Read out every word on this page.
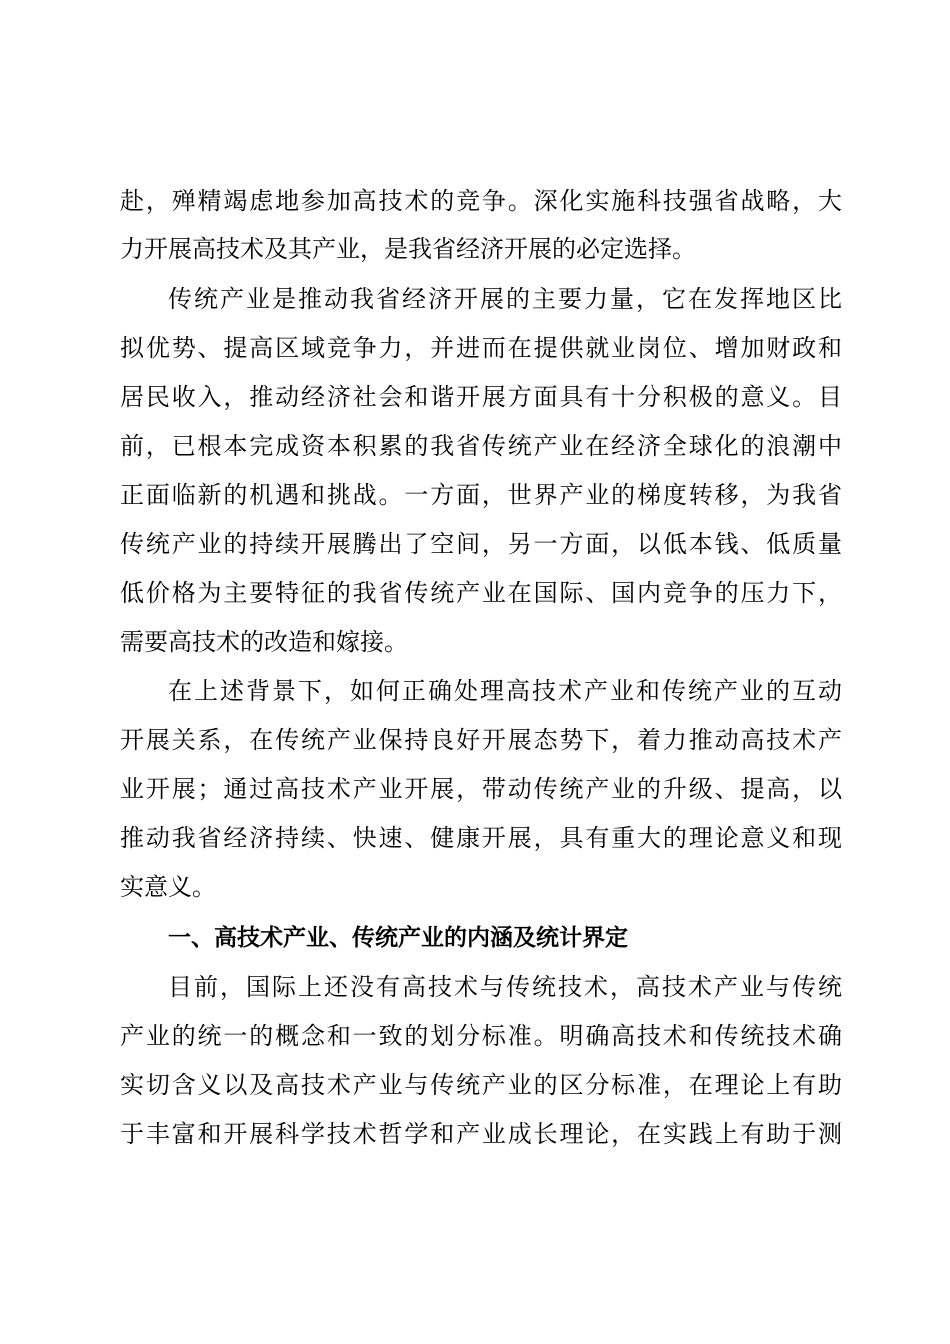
赴，殚精竭虑地参加高技术的竞争。深化实施科技强省战略，大
力开展高技术及其产业，是我省经济开展的必定选择。
传统产业是推动我省经济开展的主要力量，它在发挥地区比
拟优势、提高区域竞争力，并进而在提供就业岗位、增加财政和
居民收入，推动经济社会和谐开展方面具有十分积极的意义。目
前，已根本完成资本积累的我省传统产业在经济全球化的浪潮中
正面临新的机遇和挑战。一方面，世界产业的梯度转移，为我省
传统产业的持续开展腾出了空间，另一方面，以低本钱、低质量
低价格为主要特征的我省传统产业在国际、国内竞争的压力下，
需要高技术的改造和嫁接。
在上述背景下，如何正确处理高技术产业和传统产业的互动
开展关系，在传统产业保持良好开展态势下，着力推动高技术产
业开展；通过高技术产业开展，带动传统产业的升级、提高，以
推动我省经济持续、快速、健康开展，具有重大的理论意义和现
实意义。
一、高技术产业、传统产业的内涵及统计界定
目前，国际上还没有高技术与传统技术，高技术产业与传统
产业的统一的概念和一致的划分标准。明确高技术和传统技术确
实切含义以及高技术产业与传统产业的区分标准，在理论上有助
于丰富和开展科学技术哲学和产业成长理论，在实践上有助于测
